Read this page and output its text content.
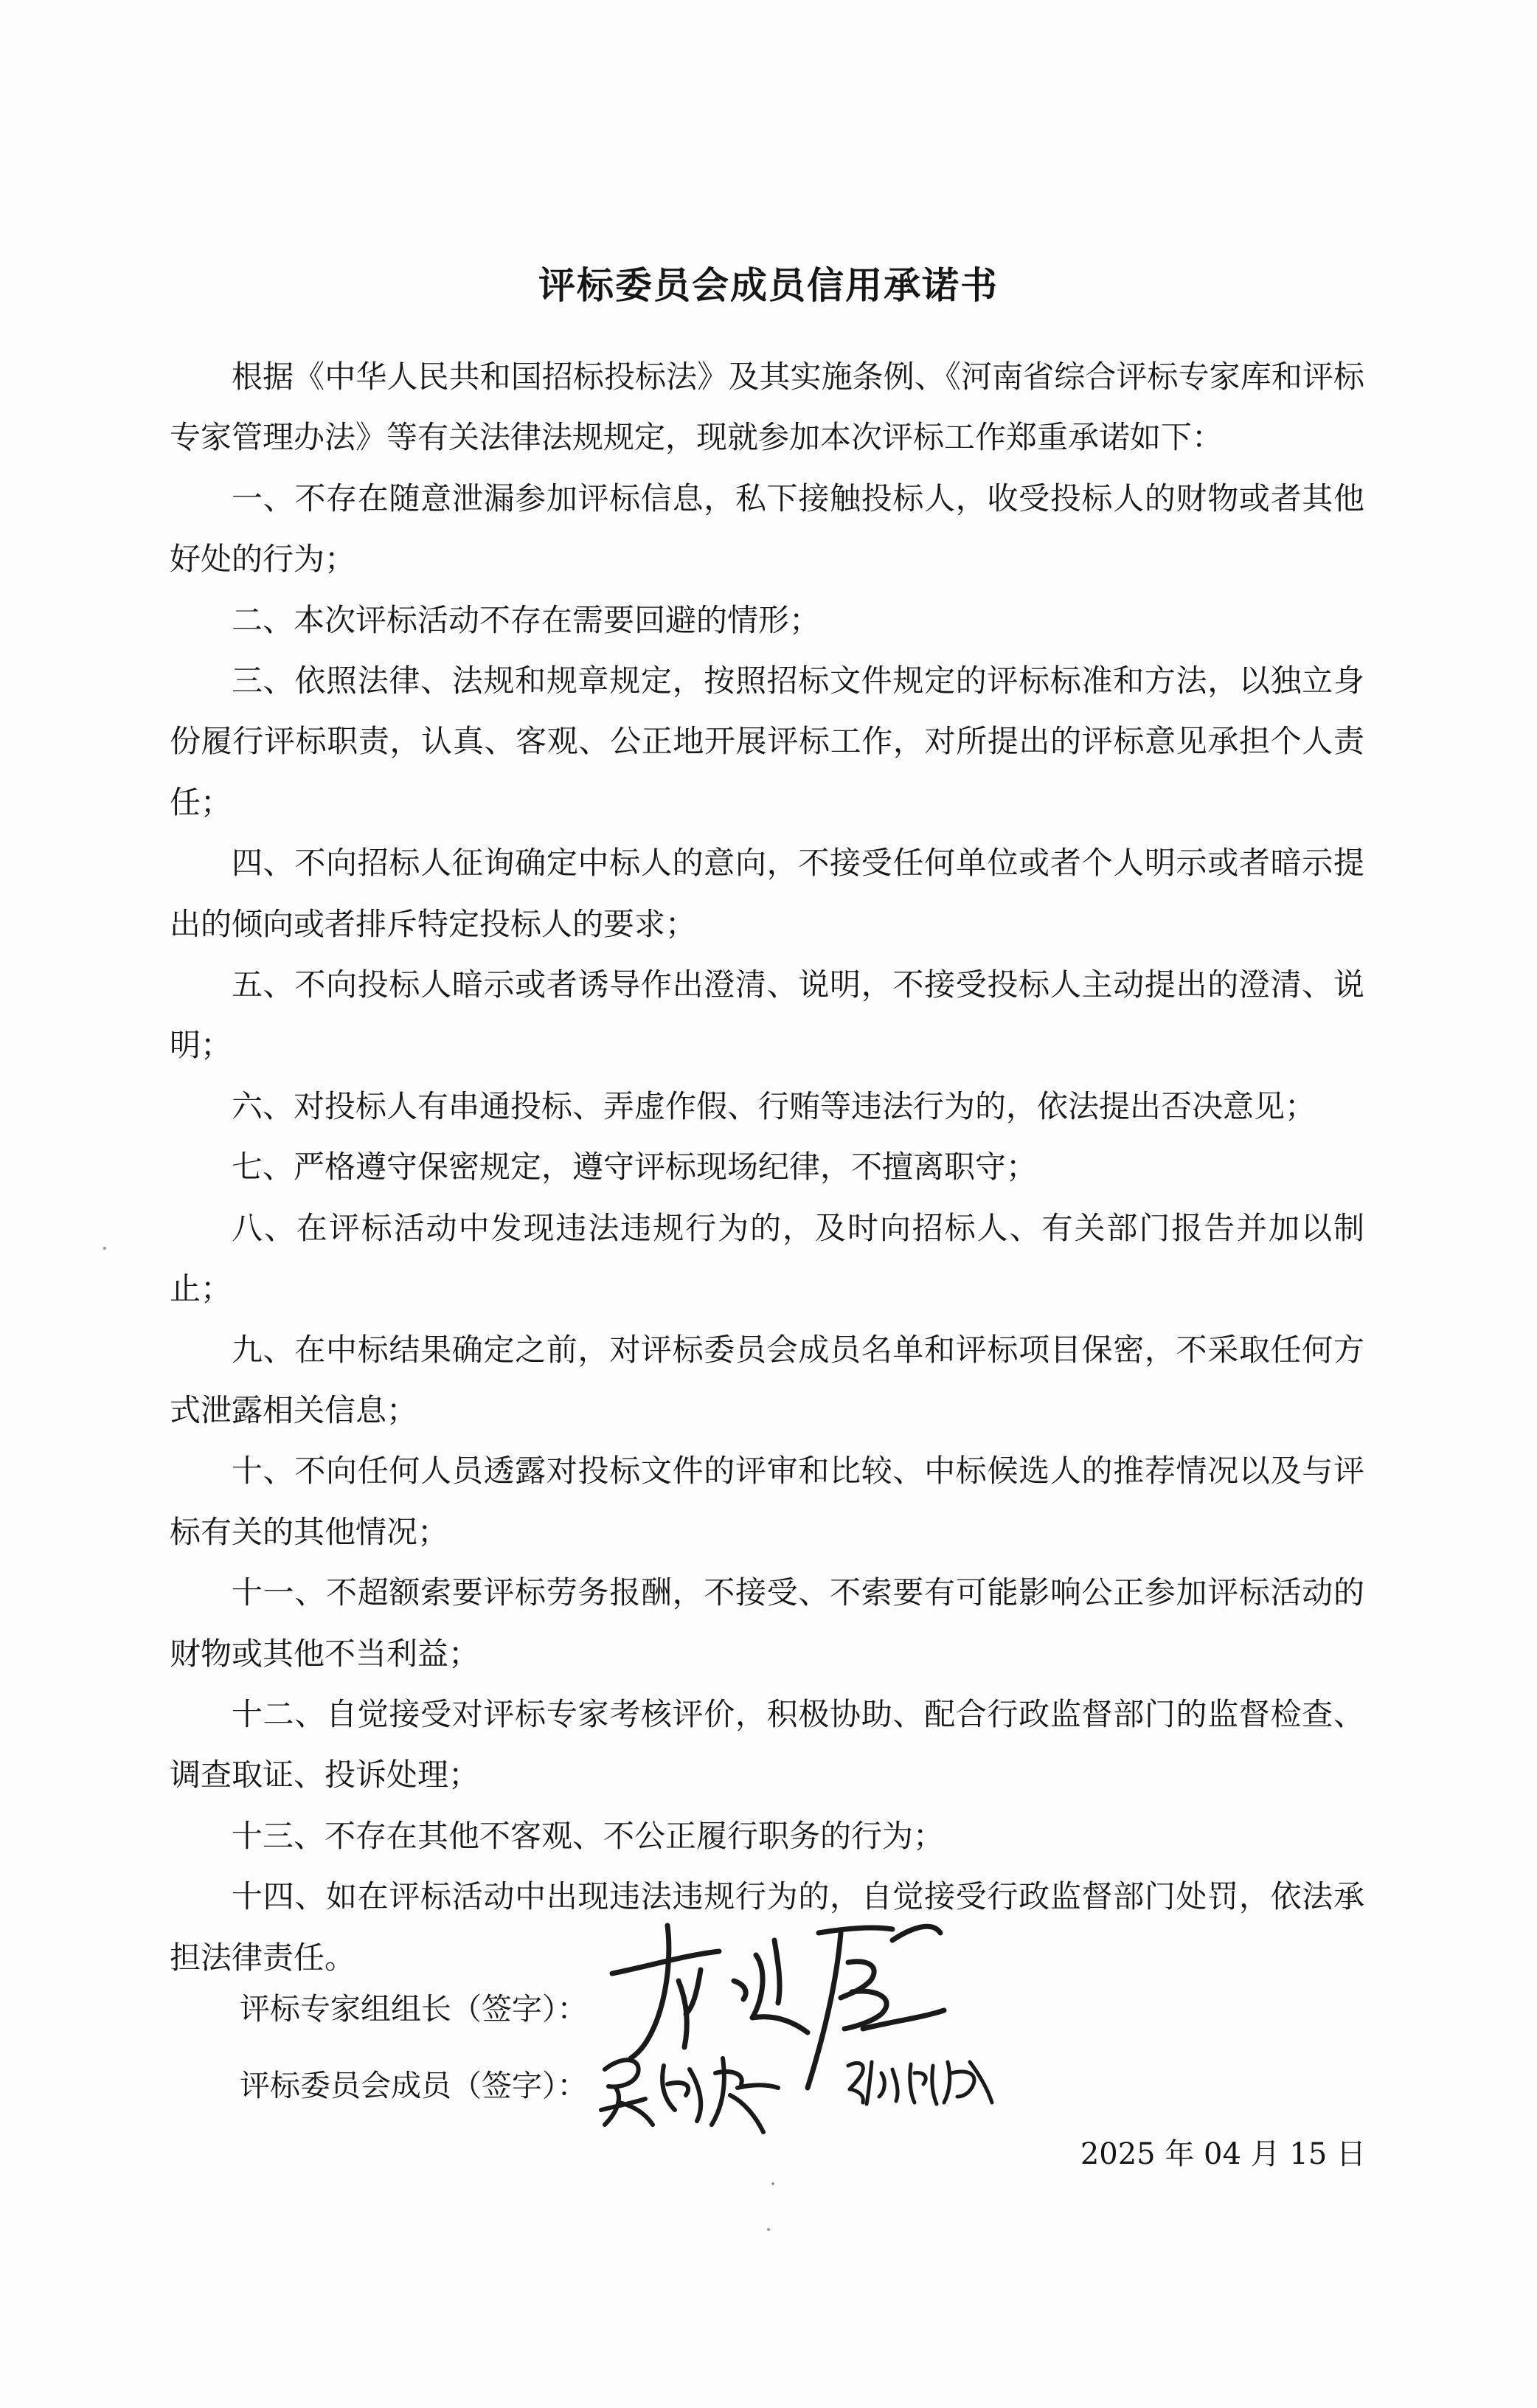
评标委员会成员信用承诺书

根据《中华人民共和国招标投标法》及其实施条例、《河南省综合评标专家库和评标专家管理办法》等有关法律法规规定，现就参加本次评标工作郑重承诺如下：

一、不存在随意泄漏参加评标信息，私下接触投标人，收受投标人的财物或者其他好处的行为；

二、本次评标活动不存在需要回避的情形；

三、依照法律、法规和规章规定，按照招标文件规定的评标标准和方法，以独立身份履行评标职责，认真、客观、公正地开展评标工作，对所提出的评标意见承担个人责任；

四、不向招标人征询确定中标人的意向，不接受任何单位或者个人明示或者暗示提出的倾向或者排斥特定投标人的要求；

五、不向投标人暗示或者诱导作出澄清、说明，不接受投标人主动提出的澄清、说明；

六、对投标人有串通投标、弄虚作假、行贿等违法行为的，依法提出否决意见；

七、严格遵守保密规定，遵守评标现场纪律，不擅离职守；

八、在评标活动中发现违法违规行为的，及时向招标人、有关部门报告并加以制止；

九、在中标结果确定之前，对评标委员会成员名单和评标项目保密，不采取任何方式泄露相关信息；

十、不向任何人员透露对投标文件的评审和比较、中标候选人的推荐情况以及与评标有关的其他情况；

十一、不超额索要评标劳务报酬，不接受、不索要有可能影响公正参加评标活动的财物或其他不当利益；

十二、自觉接受对评标专家考核评价，积极协助、配合行政监督部门的监督检查、调查取证、投诉处理；

十三、不存在其他不客观、不公正履行职务的行为；

十四、如在评标活动中出现违法违规行为的，自觉接受行政监督部门处罚，依法承担法律责任。

评标专家组组长（签字）：
评标委员会成员（签字）：
2025 年 04 月 15 日
